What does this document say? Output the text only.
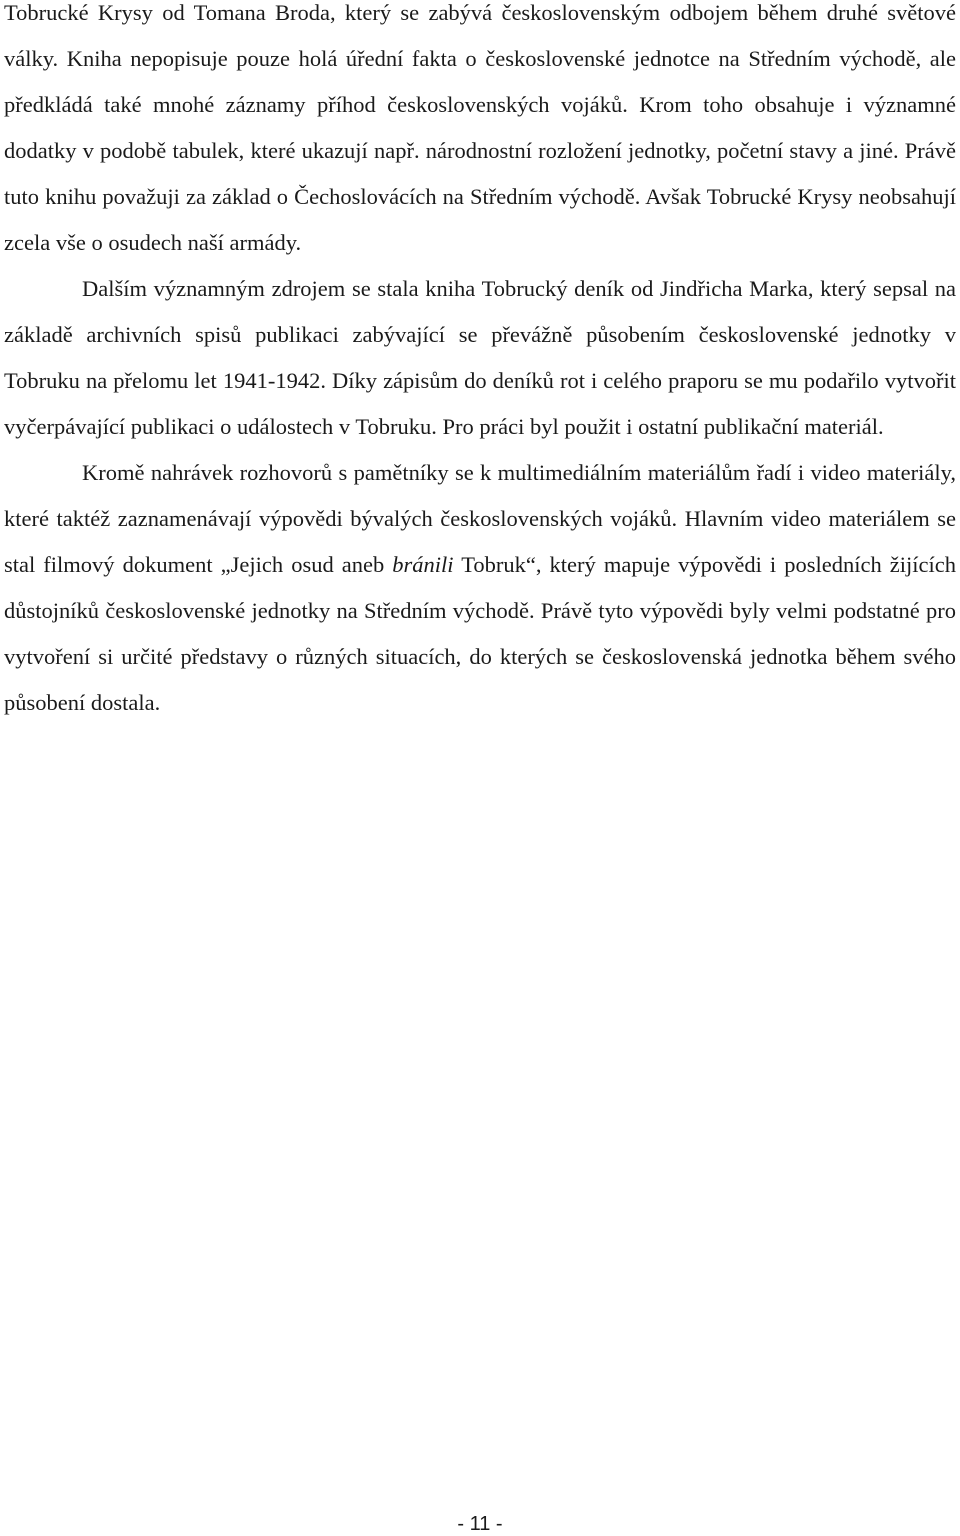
Tobrucké Krysy od Tomana Broda, který se zabývá československým odbojem během druhé světové války. Kniha nepopisuje pouze holá úřední fakta o československé jednotce na Středním východě, ale předkládá také mnohé záznamy příhod československých vojáků. Krom toho obsahuje i významné dodatky v podobě tabulek, které ukazují např. národnostní rozložení jednotky, početní stavy a jiné. Právě tuto knihu považuji za základ o Čechoslovácích na Středním východě. Avšak Tobrucké Krysy neobsahují zcela vše o osudech naší armády.

Dalším významným zdrojem se stala kniha Tobrucký deník od Jindřicha Marka, který sepsal na základě archivních spisů publikaci zabývající se převážně působením československé jednotky v Tobruku na přelomu let 1941-1942. Díky zápisům do deníků rot i celého praporu se mu podařilo vytvořit vyčerpávající publikaci o událostech v Tobruku. Pro práci byl použit i ostatní publikační materiál.

Kromě nahrávek rozhovorů s pamětníky se k multimediálním materiálům řadí i video materiály, které taktéž zaznamenávají výpovědi bývalých československých vojáků. Hlavním video materiálem se stal filmový dokument „Jejich osud aneb bránili Tobruk“, který mapuje výpovědi i posledních žijících důstojníků československé jednotky na Středním východě. Právě tyto výpovědi byly velmi podstatné pro vytvoření si určité představy o různých situacích, do kterých se československá jednotka během svého působení dostala.

- 11 -
